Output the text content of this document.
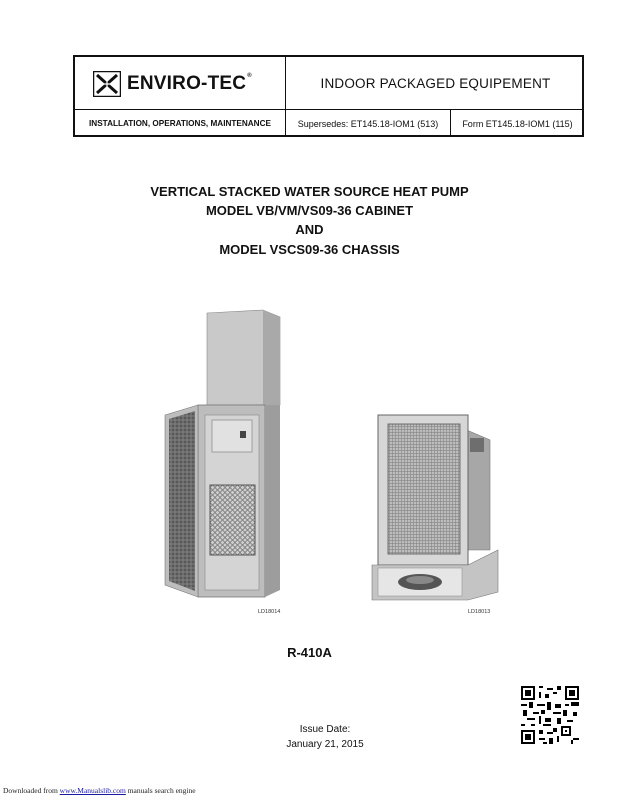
ENVIRO-TEC®	INDOOR PACKAGED EQUIPEMENT
INSTALLATION, OPERATIONS, MAINTENANCE	Supersedes: ET145.18-IOM1 (513)	Form ET145.18-IOM1 (115)
VERTICAL STACKED WATER SOURCE HEAT PUMP
MODEL VB/VM/VS09-36 CABINET
AND
MODEL VSCS09-36 CHASSIS
LD18014	LD18013
R-410A
Issue Date:
January 21, 2015
Downloaded from www.Manualslib.com manuals search engine
